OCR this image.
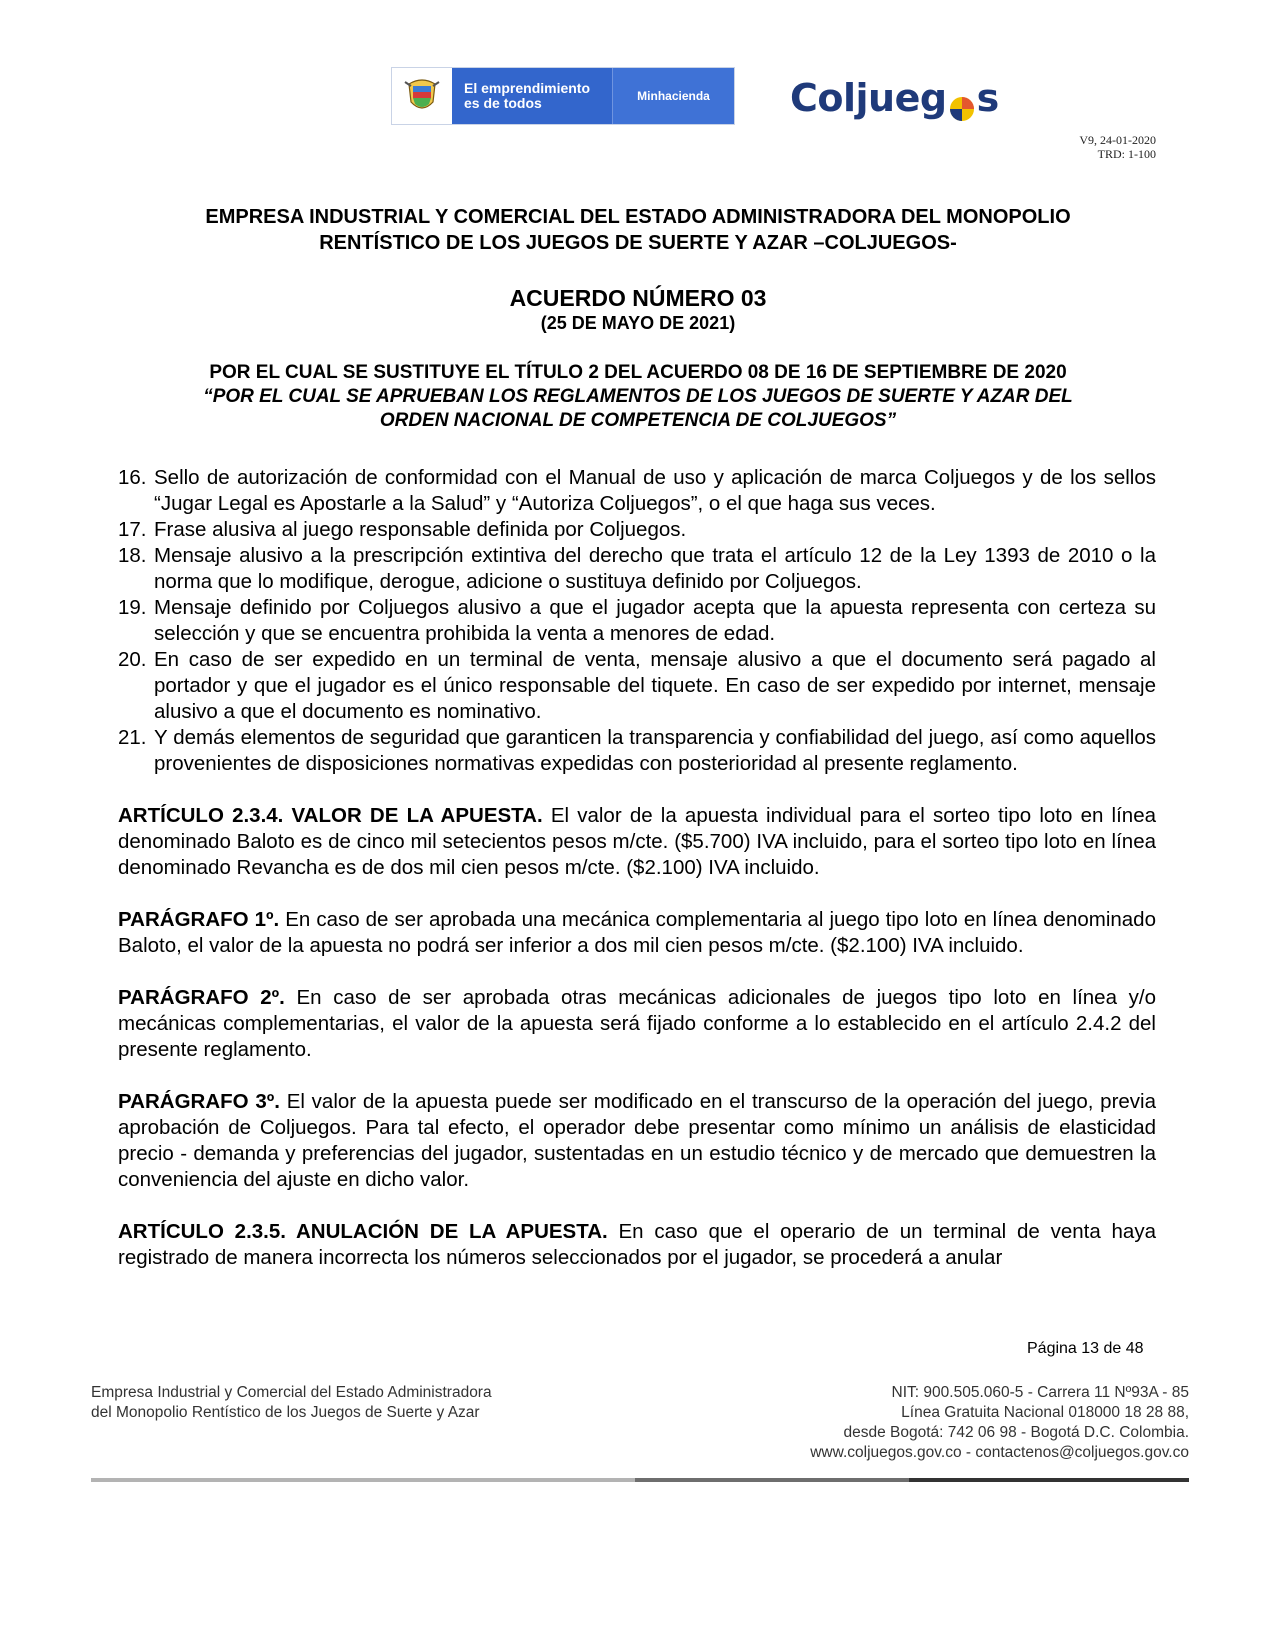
El emprendimiento
es de todos	Minhacienda	Coljueg s
V9, 24-01-2020
TRD: 1-100
EMPRESA INDUSTRIAL Y COMERCIAL DEL ESTADO ADMINISTRADORA DEL MONOPOLIO
RENTÍSTICO DE LOS JUEGOS DE SUERTE Y AZAR –COLJUEGOS-
ACUERDO NÚMERO 03
(25 DE MAYO DE 2021)
POR EL CUAL SE SUSTITUYE EL TÍTULO 2 DEL ACUERDO 08 DE 16 DE SEPTIEMBRE DE 2020
“POR EL CUAL SE APRUEBAN LOS REGLAMENTOS DE LOS JUEGOS DE SUERTE Y AZAR DEL
ORDEN NACIONAL DE COMPETENCIA DE COLJUEGOS”
16. Sello de autorización de conformidad con el Manual de uso y aplicación de marca Coljuegos y de los sellos “Jugar Legal es Apostarle a la Salud” y “Autoriza Coljuegos”, o el que haga sus veces.
17. Frase alusiva al juego responsable definida por Coljuegos.
18. Mensaje alusivo a la prescripción extintiva del derecho que trata el artículo 12 de la Ley 1393 de 2010 o la norma que lo modifique, derogue, adicione o sustituya definido por Coljuegos.
19. Mensaje definido por Coljuegos alusivo a que el jugador acepta que la apuesta representa con certeza su selección y que se encuentra prohibida la venta a menores de edad.
20. En caso de ser expedido en un terminal de venta, mensaje alusivo a que el documento será pagado al portador y que el jugador es el único responsable del tiquete. En caso de ser expedido por internet, mensaje alusivo a que el documento es nominativo.
21. Y demás elementos de seguridad que garanticen la transparencia y confiabilidad del juego, así como aquellos provenientes de disposiciones normativas expedidas con posterioridad al presente reglamento.

ARTÍCULO 2.3.4. VALOR DE LA APUESTA. El valor de la apuesta individual para el sorteo tipo loto en línea denominado Baloto es de cinco mil setecientos pesos m/cte. ($5.700) IVA incluido, para el sorteo tipo loto en línea denominado Revancha es de dos mil cien pesos m/cte. ($2.100) IVA incluido.

PARÁGRAFO 1º. En caso de ser aprobada una mecánica complementaria al juego tipo loto en línea denominado Baloto, el valor de la apuesta no podrá ser inferior a dos mil cien pesos m/cte. ($2.100) IVA incluido.

PARÁGRAFO 2º. En caso de ser aprobada otras mecánicas adicionales de juegos tipo loto en línea y/o mecánicas complementarias, el valor de la apuesta será fijado conforme a lo establecido en el artículo 2.4.2 del presente reglamento.

PARÁGRAFO 3º. El valor de la apuesta puede ser modificado en el transcurso de la operación del juego, previa aprobación de Coljuegos. Para tal efecto, el operador debe presentar como mínimo un análisis de elasticidad precio - demanda y preferencias del jugador, sustentadas en un estudio técnico y de mercado que demuestren la conveniencia del ajuste en dicho valor.

ARTÍCULO 2.3.5. ANULACIÓN DE LA APUESTA. En caso que el operario de un terminal de venta haya registrado de manera incorrecta los números seleccionados por el jugador, se procederá a anular

Página 13 de 48
Empresa Industrial y Comercial del Estado Administradora
del Monopolio Rentístico de los Juegos de Suerte y Azar
NIT: 900.505.060-5 - Carrera 11 Nº93A - 85
Línea Gratuita Nacional 018000 18 28 88,
desde Bogotá: 742 06 98 - Bogotá D.C. Colombia.
www.coljuegos.gov.co - contactenos@coljuegos.gov.co
